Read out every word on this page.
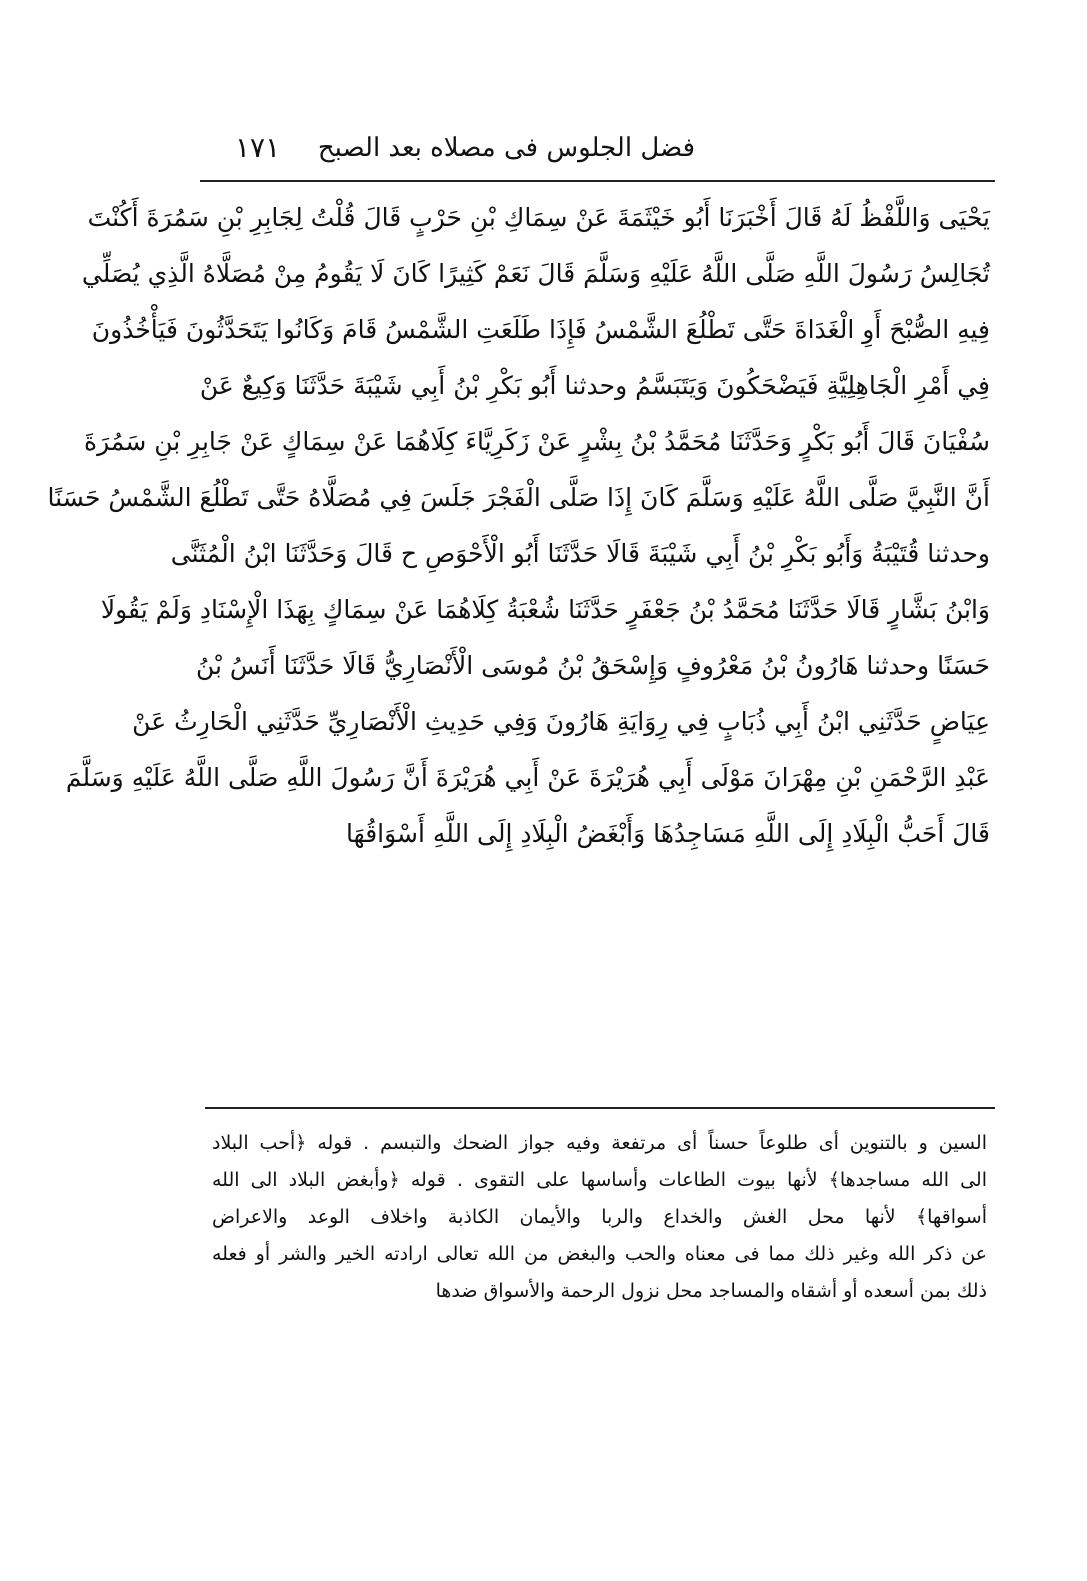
فضل الجلوس فى مصلاه بعد الصبح
١٧١
يَحْيَى وَاللَّفْظُ لَهُ قَالَ أَخْبَرَنَا أَبُو خَيْثَمَةَ عَنْ سِمَاكِ بْنِ حَرْبٍ قَالَ قُلْتُ لِجَابِرِ بْنِ سَمُرَةَ أَكُنْتَ
تُجَالِسُ رَسُولَ اللَّهِ صَلَّى اللَّهُ عَلَيْهِ وَسَلَّمَ قَالَ نَعَمْ كَثِيرًا كَانَ لَا يَقُومُ مِنْ مُصَلَّاهُ الَّذِي يُصَلِّي
فِيهِ الصُّبْحَ أَوِ الْغَدَاةَ حَتَّى تَطْلُعَ الشَّمْسُ فَإِذَا طَلَعَتِ الشَّمْسُ قَامَ وَكَانُوا يَتَحَدَّثُونَ فَيَأْخُذُونَ
فِي أَمْرِ الْجَاهِلِيَّةِ فَيَضْحَكُونَ وَيَتَبَسَّمُ وحدثنا أَبُو بَكْرِ بْنُ أَبِي شَيْبَةَ حَدَّثَنَا وَكِيعٌ عَنْ
سُفْيَانَ قَالَ أَبُو بَكْرٍ وَحَدَّثَنَا مُحَمَّدُ بْنُ بِشْرٍ عَنْ زَكَرِيَّاءَ كِلَاهُمَا عَنْ سِمَاكٍ عَنْ جَابِرِ بْنِ سَمُرَةَ
أَنَّ النَّبِيَّ صَلَّى اللَّهُ عَلَيْهِ وَسَلَّمَ كَانَ إِذَا صَلَّى الْفَجْرَ جَلَسَ فِي مُصَلَّاهُ حَتَّى تَطْلُعَ الشَّمْسُ حَسَنًا
وحدثنا قُتَيْبَةُ وَأَبُو بَكْرِ بْنُ أَبِي شَيْبَةَ قَالَا حَدَّثَنَا أَبُو الْأَحْوَصِ ح قَالَ وَحَدَّثَنَا ابْنُ الْمُثَنَّى
وَابْنُ بَشَّارٍ قَالَا حَدَّثَنَا مُحَمَّدُ بْنُ جَعْفَرٍ حَدَّثَنَا شُعْبَةُ كِلَاهُمَا عَنْ سِمَاكٍ بِهَذَا الْإِسْنَادِ وَلَمْ يَقُولَا
حَسَنًا وحدثنا هَارُونُ بْنُ مَعْرُوفٍ وَإِسْحَقُ بْنُ مُوسَى الْأَنْصَارِيُّ قَالَا حَدَّثَنَا أَنَسُ بْنُ
عِيَاضٍ حَدَّثَنِي ابْنُ أَبِي ذُبَابٍ فِي رِوَايَةِ هَارُونَ وَفِي حَدِيثِ الْأَنْصَارِيِّ حَدَّثَنِي الْحَارِثُ عَنْ
عَبْدِ الرَّحْمَنِ بْنِ مِهْرَانَ مَوْلَى أَبِي هُرَيْرَةَ عَنْ أَبِي هُرَيْرَةَ أَنَّ رَسُولَ اللَّهِ صَلَّى اللَّهُ عَلَيْهِ وَسَلَّمَ
قَالَ أَحَبُّ الْبِلَادِ إِلَى اللَّهِ مَسَاجِدُهَا وَأَبْغَضُ الْبِلَادِ إِلَى اللَّهِ أَسْوَاقُهَا
السين و بالتنوين أى طلوعاً حسناً أى مرتفعة وفيه جواز الضحك والتبسم . قوله ﴿أحب البلاد
الى الله مساجدها﴾ لأنها بيوت الطاعات وأساسها على التقوى . قوله ﴿وأبغض البلاد الى الله
أسواقها﴾ لأنها محل الغش والخداع والربا والأيمان الكاذبة واخلاف الوعد والاعراض
عن ذكر الله وغير ذلك مما فى معناه والحب والبغض من الله تعالى ارادته الخير والشر أو فعله
ذلك بمن أسعده أو أشقاه والمساجد محل نزول الرحمة والأسواق ضدها
